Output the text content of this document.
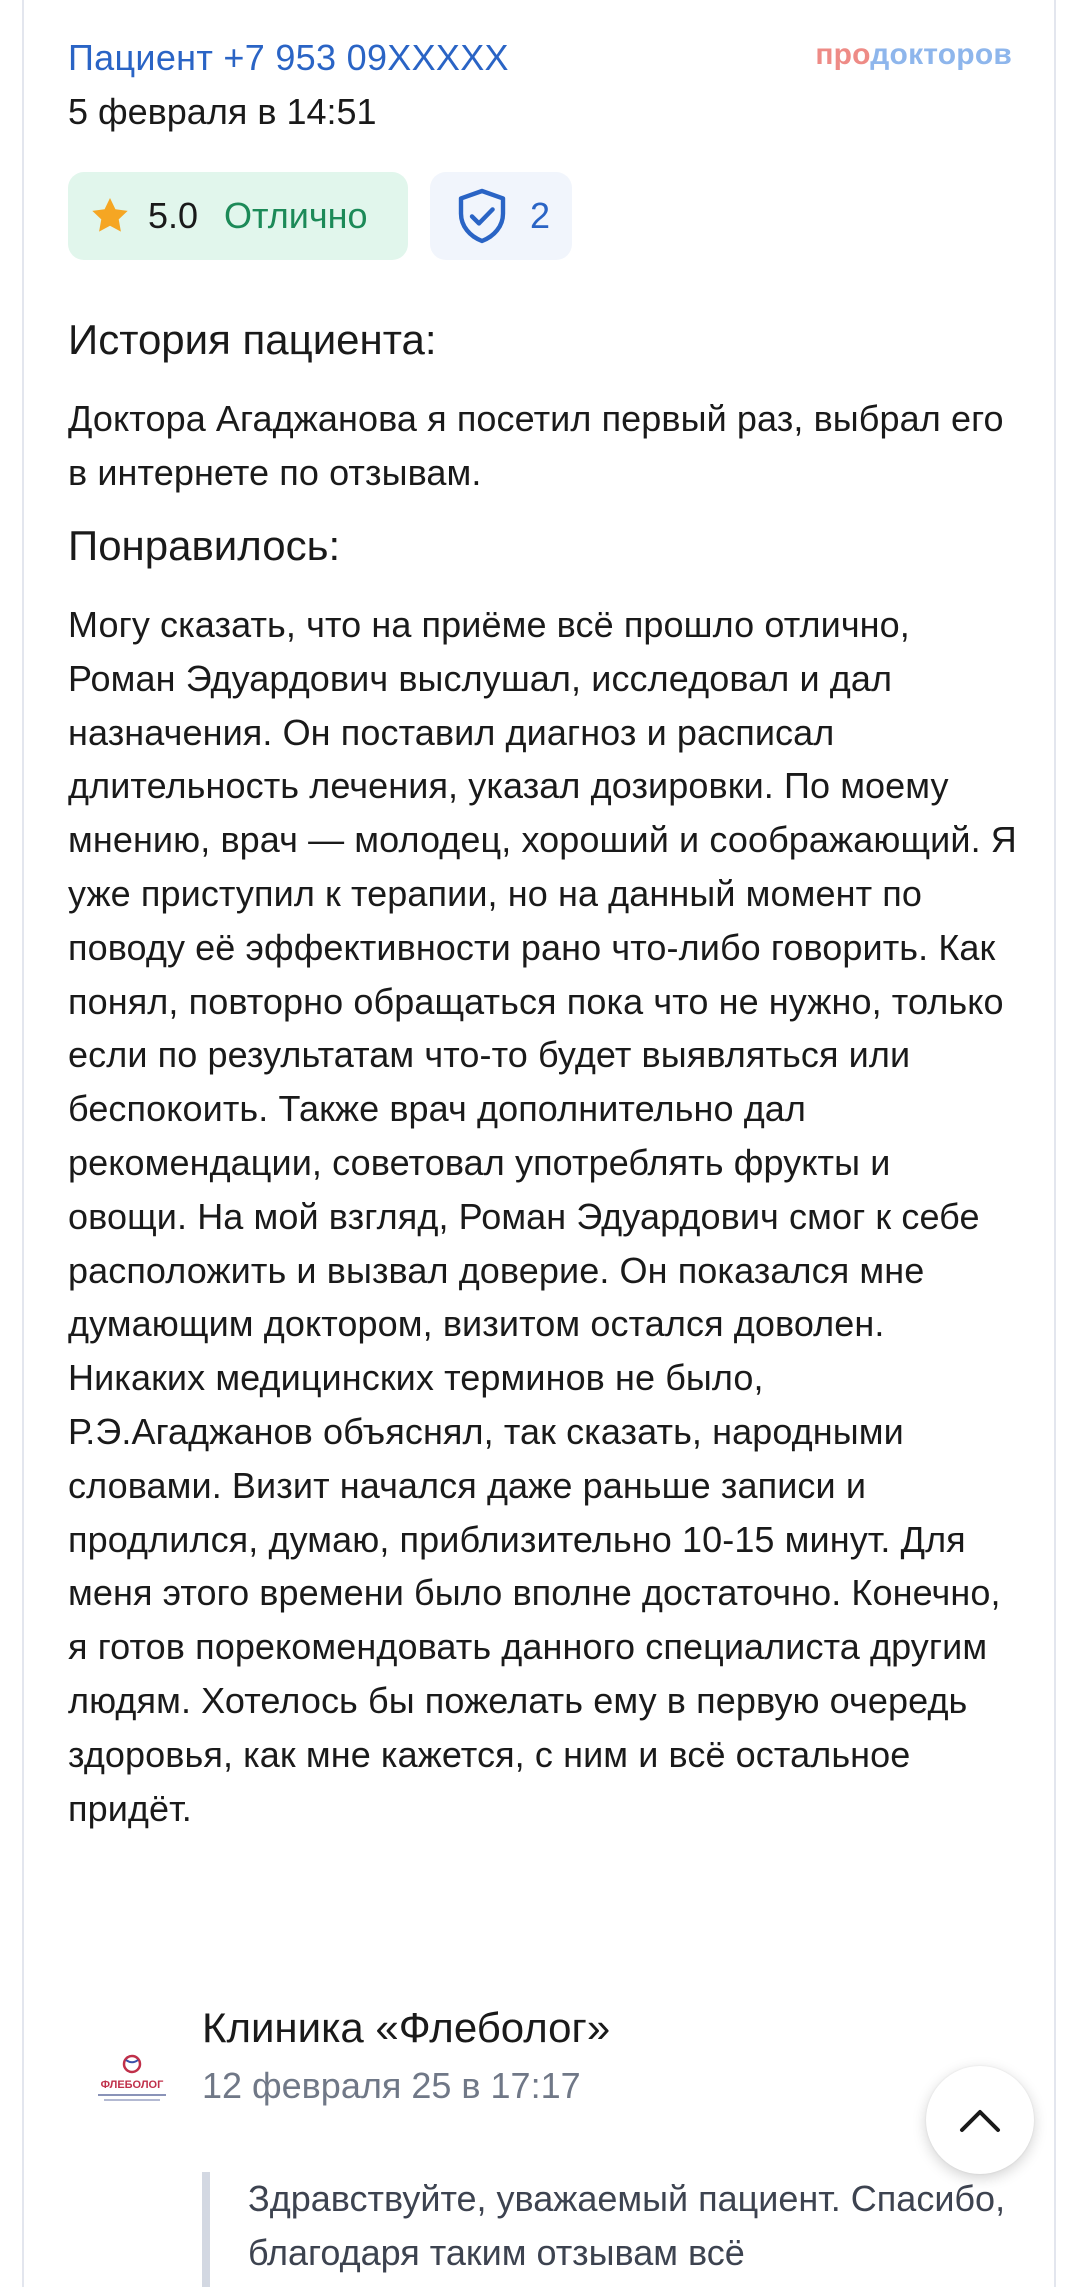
Пациент +7 953 09XXXXX
5 февраля в 14:51
продокторов
5.0 Отлично	2
История пациента:
Доктора Агаджанова я посетил первый раз, выбрал его в интернете по отзывам.
Понравилось:
Могу сказать, что на приёме всё прошло отлично, Роман Эдуардович выслушал, исследовал и дал назначения. Он поставил диагноз и расписал длительность лечения, указал дозировки. По моему мнению, врач — молодец, хороший и соображающий. Я уже приступил к терапии, но на данный момент по поводу её эффективности рано что-либо говорить. Как понял, повторно обращаться пока что не нужно, только если по результатам что-то будет выявляться или беспокоить. Также врач дополнительно дал рекомендации, советовал употреблять фрукты и овощи. На мой взгляд, Роман Эдуардович смог к себе расположить и вызвал доверие. Он показался мне думающим доктором, визитом остался доволен. Никаких медицинских терминов не было, Р.Э.Агаджанов объяснял, так сказать, народными словами. Визит начался даже раньше записи и продлился, думаю, приблизительно 10-15 минут. Для меня этого времени было вполне достаточно. Конечно, я готов порекомендовать данного специалиста другим людям. Хотелось бы пожелать ему в первую очередь здоровья, как мне кажется, с ним и всё остальное придёт.
ФЛЕБОЛОГ
Клиника «Флеболог»
12 февраля 25 в 17:17
Здравствуйте, уважаемый пациент. Спасибо, благодаря таким отзывам всё
